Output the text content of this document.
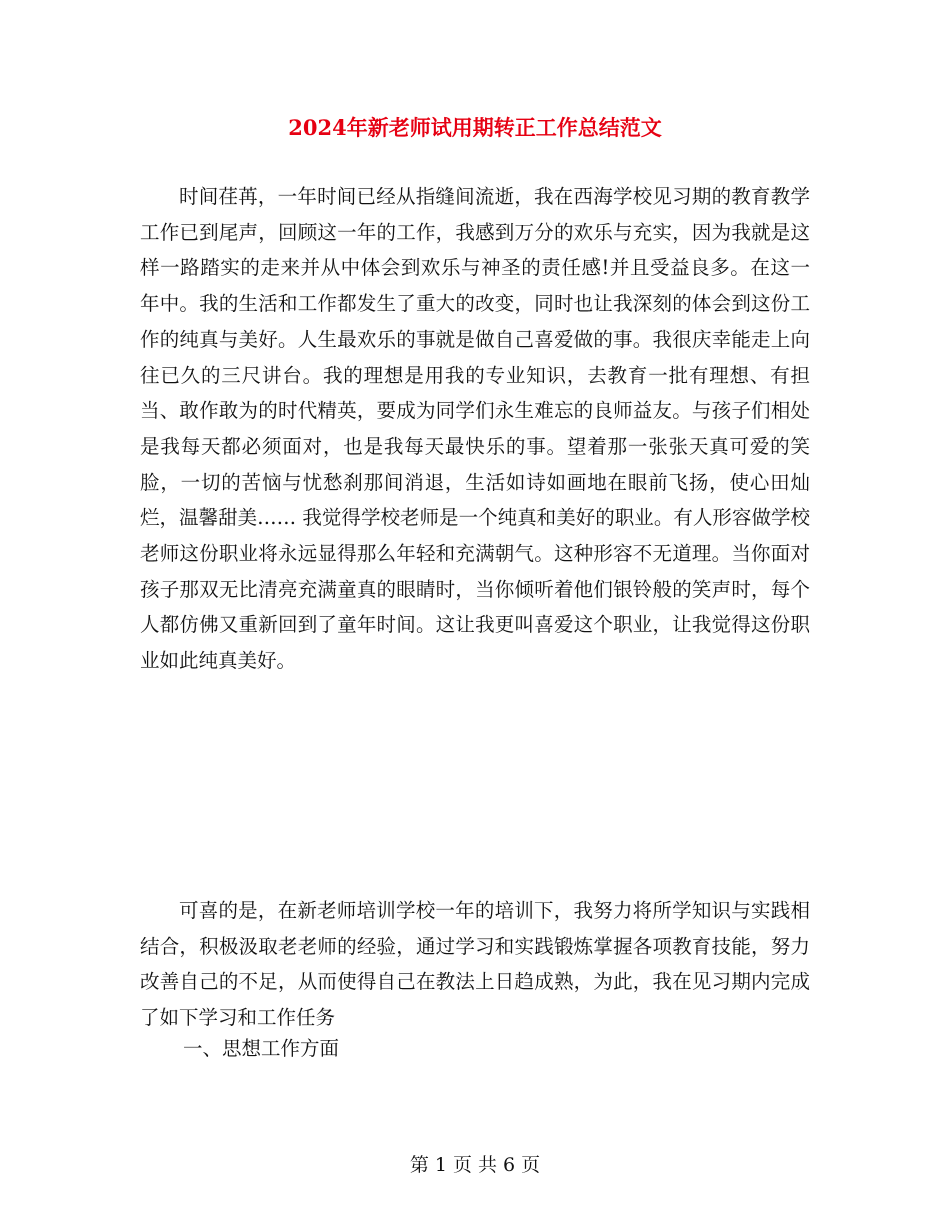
2024年新老师试用期转正工作总结范文

时间荏苒，一年时间已经从指缝间流逝，我在西海学校见习期的教育教学工作已到尾声，回顾这一年的工作，我感到万分的欢乐与充实，因为我就是这样一路踏实的走来并从中体会到欢乐与神圣的责任感!并且受益良多。在这一年中。我的生活和工作都发生了重大的改变，同时也让我深刻的体会到这份工作的纯真与美好。人生最欢乐的事就是做自己喜爱做的事。我很庆幸能走上向往已久的三尺讲台。我的理想是用我的专业知识，去教育一批有理想、有担当、敢作敢为的时代精英，要成为同学们永生难忘的良师益友。与孩子们相处是我每天都必须面对，也是我每天最快乐的事。望着那一张张天真可爱的笑脸，一切的苦恼与忧愁刹那间消退，生活如诗如画地在眼前飞扬，使心田灿烂，温馨甜美…… 我觉得学校老师是一个纯真和美好的职业。有人形容做学校老师这份职业将永远显得那么年轻和充满朝气。这种形容不无道理。当你面对孩子那双无比清亮充满童真的眼睛时，当你倾听着他们银铃般的笑声时，每个人都仿佛又重新回到了童年时间。这让我更叫喜爱这个职业，让我觉得这份职业如此纯真美好。

可喜的是，在新老师培训学校一年的培训下，我努力将所学知识与实践相结合，积极汲取老老师的经验，通过学习和实践锻炼掌握各项教育技能，努力改善自己的不足，从而使得自己在教法上日趋成熟，为此，我在见习期内完成了如下学习和工作任务

一、思想工作方面
第 1 页 共 6 页
